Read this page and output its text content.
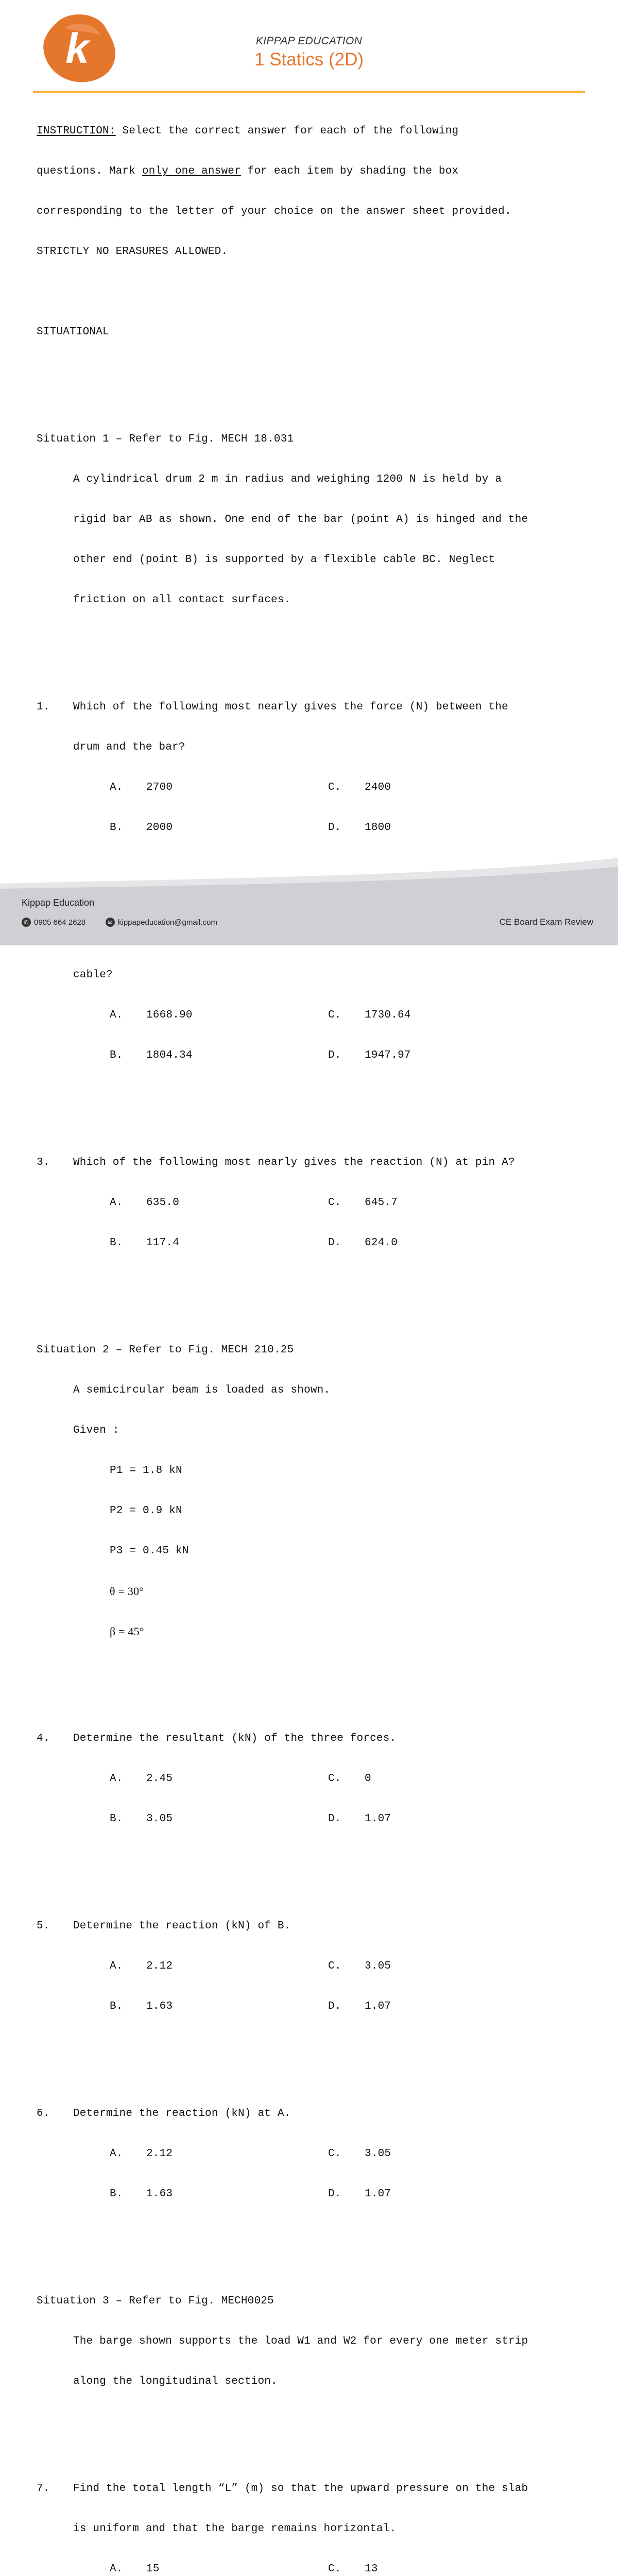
k	KIPPAP EDUCATION
1 Statics (2D)

INSTRUCTION: Select the correct answer for each of the following

questions. Mark only one answer for each item by shading the box

corresponding to the letter of your choice on the answer sheet provided.

STRICTLY NO ERASURES ALLOWED.

SITUATIONAL

Situation 1 – Refer to Fig. MECH 18.031

A cylindrical drum 2 m in radius and weighing 1200 N is held by a

rigid bar AB as shown. One end of the bar (point A) is hinged and the

other end (point B) is supported by a flexible cable BC. Neglect

friction on all contact surfaces.

1. Which of the following most nearly gives the force (N) between the

drum and the bar?

A.	2700	C.	2400

B.	2000	D.	1800

cable?

A.	1668.90	C.	1730.64

B.	1804.34	D.	1947.97

3. Which of the following most nearly gives the reaction (N) at pin A?

A.	635.0	C.	645.7

B.	117.4	D.	624.0

Situation 2 – Refer to Fig. MECH 210.25

A semicircular beam is loaded as shown.

Given :

P1 = 1.8 kN

P2 = 0.9 kN

P3 = 0.45 kN

θ = 30°

β = 45°

4. Determine the resultant (kN) of the three forces.

A.	2.45	C.	0

B.	3.05	D.	1.07

5. Determine the reaction (kN) of B.

A.	2.12	C.	3.05

B.	1.63	D.	1.07

6. Determine the reaction (kN) at A.

A.	2.12	C.	3.05

B.	1.63	D.	1.07

Situation 3 – Refer to Fig. MECH0025

The barge shown supports the load W1 and W2 for every one meter strip

along the longitudinal section.

7. Find the total length “L” (m) so that the upward pressure on the slab

is uniform and that the barge remains horizontal.

A.	15	C.	13

Kippap Education
✆ 0905 664 2628	✉ kippapeducation@gmail.com	CE Board Exam Review
